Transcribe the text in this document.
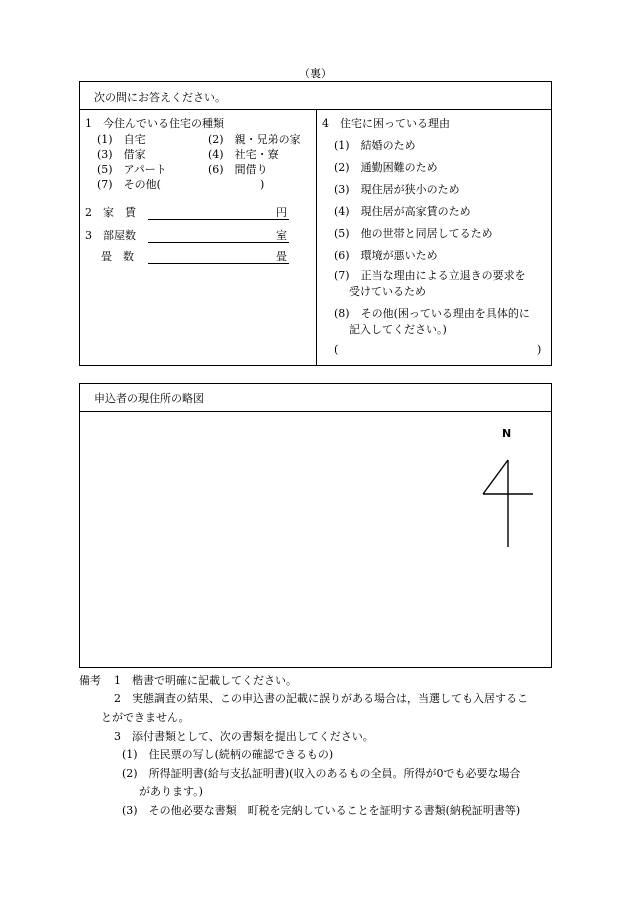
（裏）
次の問にお答えください。
1　今住んでいる住宅の種類
(1)　自宅	(2)　親・兄弟の家
(3)　借家	(4)　社宅・寮
(5)　アパート	(6)　間借り
(7)　その他(	)
2　家　賃	円
3　部屋数	室
畳　数	畳
4　住宅に困っている理由
(1)　結婚のため
(2)　通勤困難のため
(3)　現住居が狭小のため
(4)　現住居が高家賃のため
(5)　他の世帯と同居してるため
(6)　環境が悪いため
(7)　正当な理由による立退きの要求を
受けているため
(8)　その他(困っている理由を具体的に
記入してください。)
(	)
申込者の現住所の略図
N
備考 1　楷書で明確に記載してください。
2　実態調査の結果、この申込書の記載に誤りがある場合は，当選しても入居するこ
とができません。
3　添付書類として、次の書類を提出してください。
(1)　住民票の写し(続柄の確認できるもの)
(2)　所得証明書(給与支払証明書)(収入のあるもの全員。所得が0でも必要な場合
があります。)
(3)　その他必要な書類　町税を完納していることを証明する書類(納税証明書等)
